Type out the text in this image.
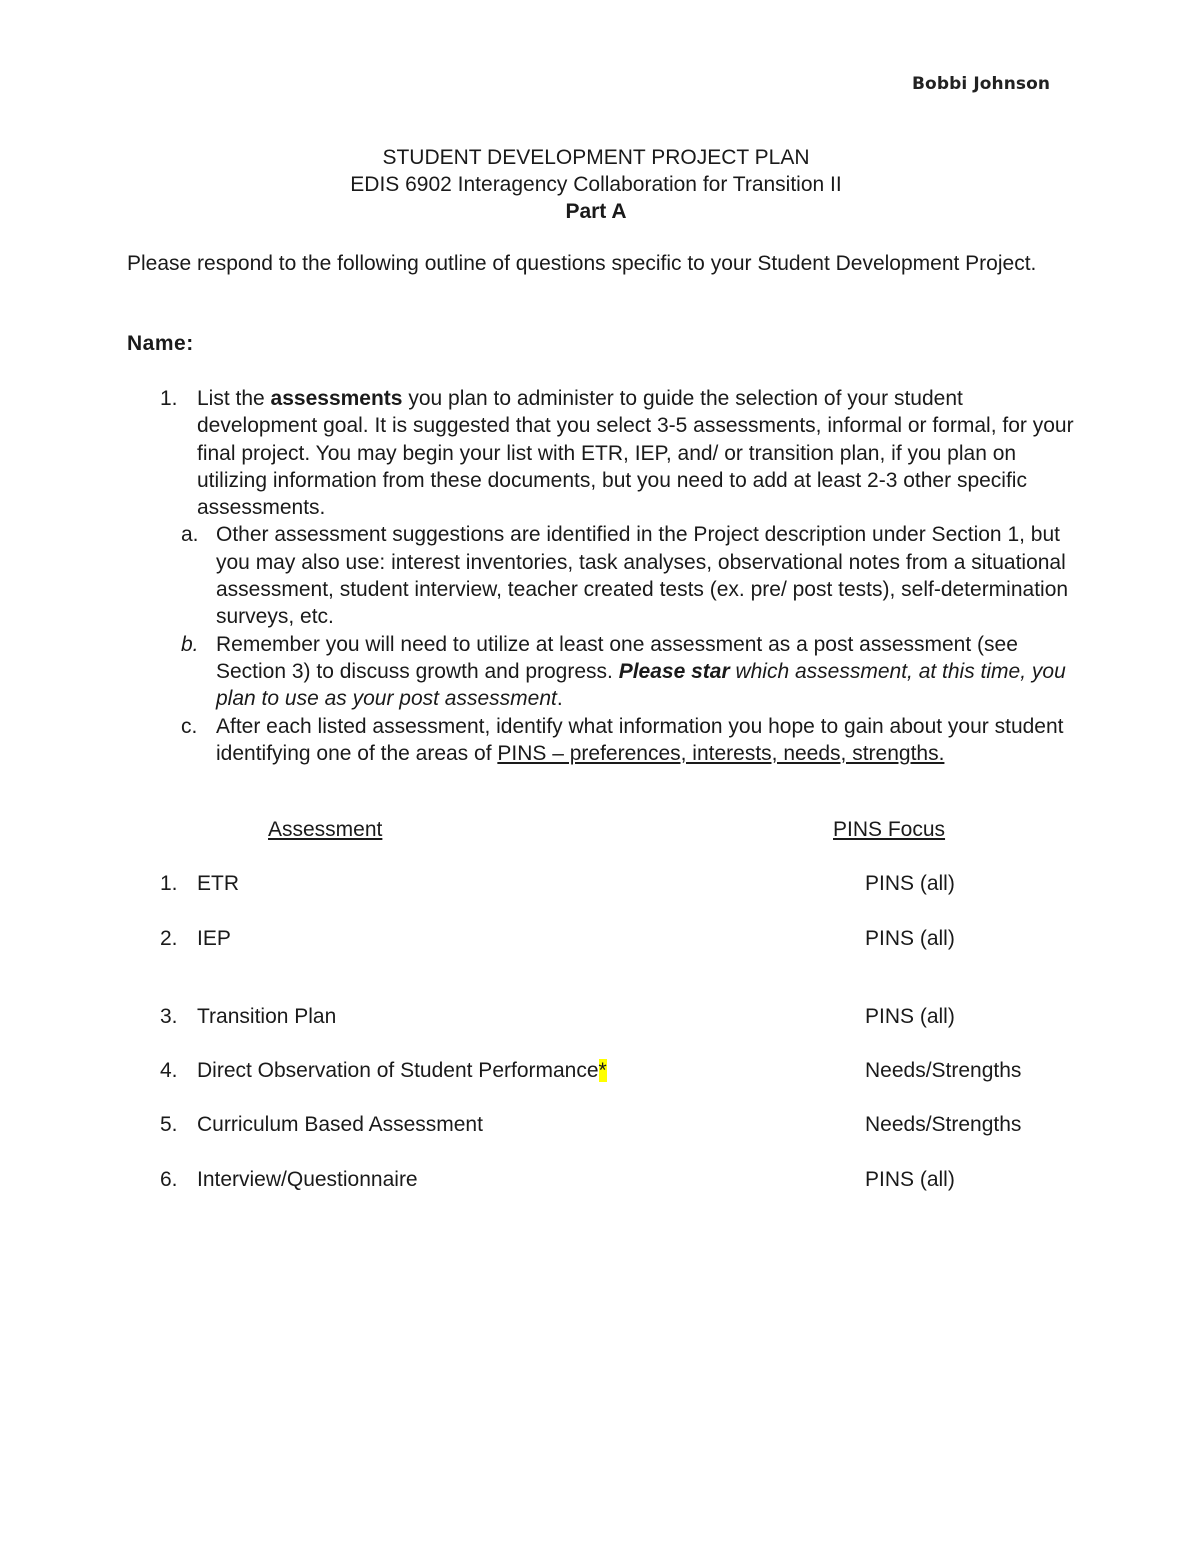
Bobbi Johnson
STUDENT DEVELOPMENT PROJECT PLAN
EDIS 6902 Interagency Collaboration for Transition II
Part A
Please respond to the following outline of questions specific to your Student Development Project.
Name:
1. List the assessments you plan to administer to guide the selection of your student development goal. It is suggested that you select 3-5 assessments, informal or formal, for your final project. You may begin your list with ETR, IEP, and/ or transition plan, if you plan on utilizing information from these documents, but you need to add at least 2-3 other specific assessments.
a. Other assessment suggestions are identified in the Project description under Section 1, but you may also use: interest inventories, task analyses, observational notes from a situational assessment, student interview, teacher created tests (ex. pre/ post tests), self-determination surveys, etc.
b. Remember you will need to utilize at least one assessment as a post assessment (see Section 3) to discuss growth and progress. Please star which assessment, at this time, you plan to use as your post assessment.
c. After each listed assessment, identify what information you hope to gain about your student identifying one of the areas of PINS – preferences, interests, needs, strengths.
Assessment	PINS Focus
1. ETR	PINS (all)
2. IEP	PINS (all)
3. Transition Plan	PINS (all)
4. Direct Observation of Student Performance*	Needs/Strengths
5. Curriculum Based Assessment	Needs/Strengths
6. Interview/Questionnaire	PINS (all)
